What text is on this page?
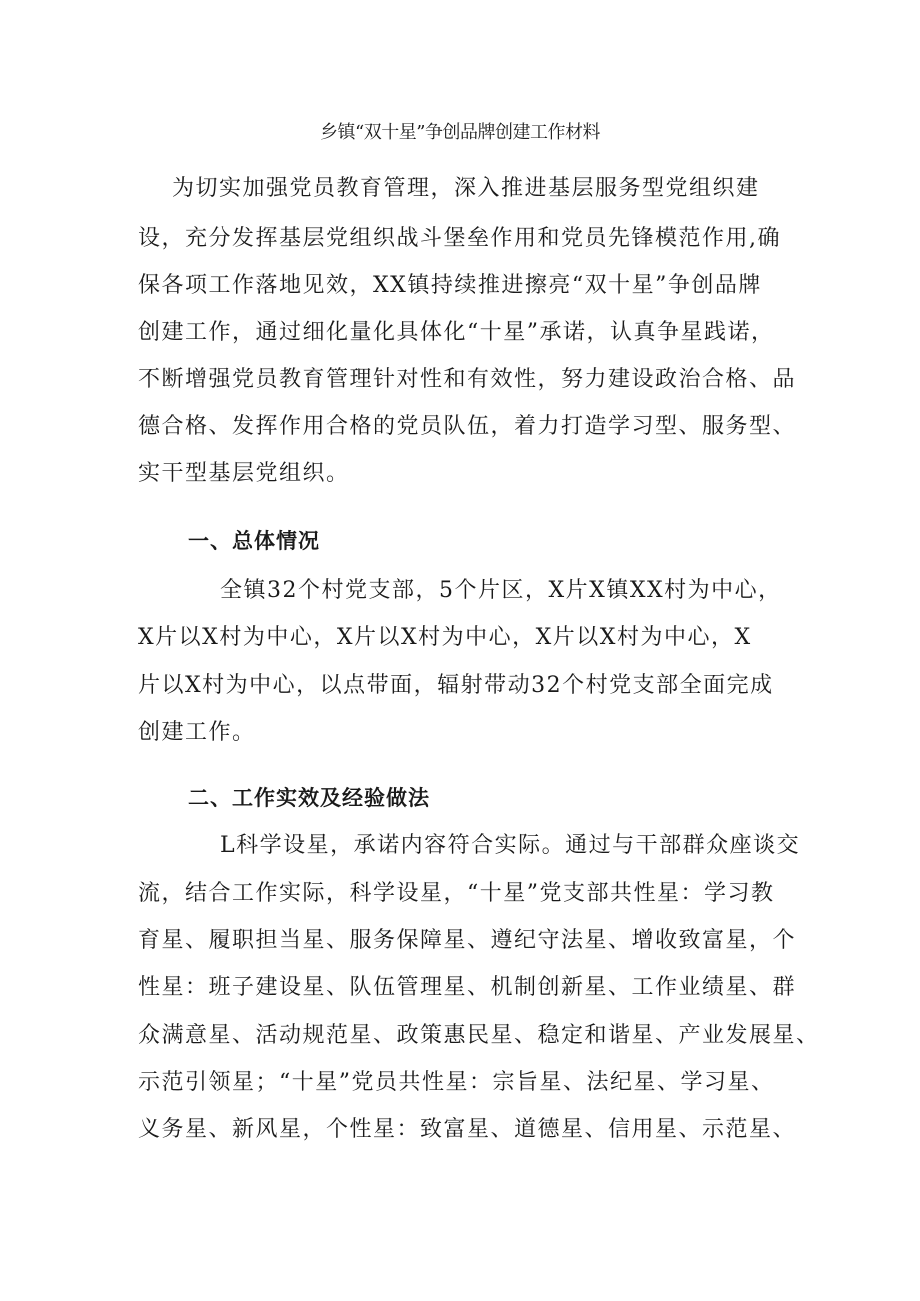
乡镇“双十星”争创品牌创建工作材料
为切实加强党员教育管理，深入推进基层服务型党组织建
设，充分发挥基层党组织战斗堡垒作用和党员先锋模范作用,确
保各项工作落地见效，XX镇持续推进擦亮“双十星”争创品牌
创建工作，通过细化量化具体化“十星”承诺，认真争星践诺，
不断增强党员教育管理针对性和有效性，努力建设政治合格、品
德合格、发挥作用合格的党员队伍，着力打造学习型、服务型、
实干型基层党组织。
一、总体情况
全镇32个村党支部，5个片区，X片X镇XX村为中心，
X片以X村为中心，X片以X村为中心，X片以X村为中心，X
片以X村为中心，以点带面，辐射带动32个村党支部全面完成
创建工作。
二、工作实效及经验做法
L科学设星，承诺内容符合实际。通过与干部群众座谈交
流，结合工作实际，科学设星，“十星”党支部共性星：学习教
育星、履职担当星、服务保障星、遵纪守法星、增收致富星，个
性星：班子建设星、队伍管理星、机制创新星、工作业绩星、群
众满意星、活动规范星、政策惠民星、稳定和谐星、产业发展星、
示范引领星；“十星”党员共性星：宗旨星、法纪星、学习星、
义务星、新风星，个性星：致富星、道德星、信用星、示范星、
